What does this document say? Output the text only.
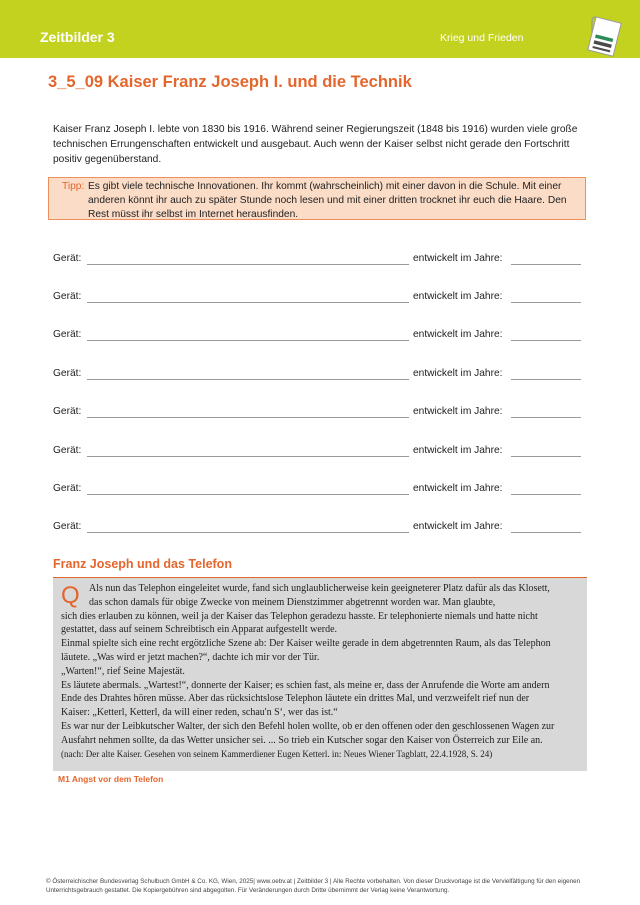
Zeitbilder 3	Krieg und Frieden
3_5_09 Kaiser Franz Joseph I. und die Technik
Kaiser Franz Joseph I. lebte von 1830 bis 1916. Während seiner Regierungszeit (1848 bis 1916) wurden viele große technischen Errungenschaften entwickelt und ausgebaut. Auch wenn der Kaiser selbst nicht gerade den Fortschritt positiv gegenüberstand.
Tipp: Es gibt viele technische Innovationen. Ihr kommt (wahrscheinlich) mit einer davon in die Schule. Mit einer anderen könnt ihr auch zu später Stunde noch lesen und mit einer dritten trocknet ihr euch die Haare. Den Rest müsst ihr selbst im Internet herausfinden.
Gerät:	entwickelt im Jahre:
Gerät:	entwickelt im Jahre:
Gerät:	entwickelt im Jahre:
Gerät:	entwickelt im Jahre:
Gerät:	entwickelt im Jahre:
Gerät:	entwickelt im Jahre:
Gerät:	entwickelt im Jahre:
Gerät:	entwickelt im Jahre:
Franz Joseph und das Telefon
Q Als nun das Telephon eingeleitet wurde, fand sich unglaublicherweise kein geeigneterer Platz dafür als das Klosett,

das schon damals für obige Zwecke von meinem Dienstzimmer abgetrennt worden war. Man glaubte,

sich dies erlauben zu können, weil ja der Kaiser das Telephon geradezu hasste. Er telephonierte niemals und hatte nicht

gestattet, dass auf seinem Schreibtisch ein Apparat aufgestellt werde.

Einmal spielte sich eine recht ergötzliche Szene ab: Der Kaiser weilte gerade in dem abgetrennten Raum, als das Telephon

läutete. „Was wird er jetzt machen?“, dachte ich mir vor der Tür.

„Warten!“, rief Seine Majestät.

Es läutete abermals. „Wartest!“, donnerte der Kaiser; es schien fast, als meine er, dass der Anrufende die Worte am andern

Ende des Drahtes hören müsse. Aber das rücksichtslose Telephon läutete ein drittes Mal, und verzweifelt rief nun der

Kaiser: „Ketterl, Ketterl, da will einer reden, schau'n S‘, wer das ist.“

Es war nur der Leibkutscher Walter, der sich den Befehl holen wollte, ob er den offenen oder den geschlossenen Wagen zur

Ausfahrt nehmen sollte, da das Wetter unsicher sei. ... So trieb ein Kutscher sogar den Kaiser von Österreich zur Eile an.

(nach: Der alte Kaiser. Gesehen von seinem Kammerdiener Eugen Ketterl. in: Neues Wiener Tagblatt, 22.4.1928, S. 24)

M1 Angst vor dem Telefon
© Österreichischer Bundesverlag Schulbuch GmbH & Co. KG, Wien, 2025| www.oebv.at | Zeitbilder 3 | Alle Rechte vorbehalten. Von dieser Druckvorlage ist die Vervielfältigung für den eigenen Unterrichtsgebrauch gestattet. Die Kopiergebühren sind abgegolten. Für Veränderungen durch Dritte übernimmt der Verlag keine Verantwortung.
